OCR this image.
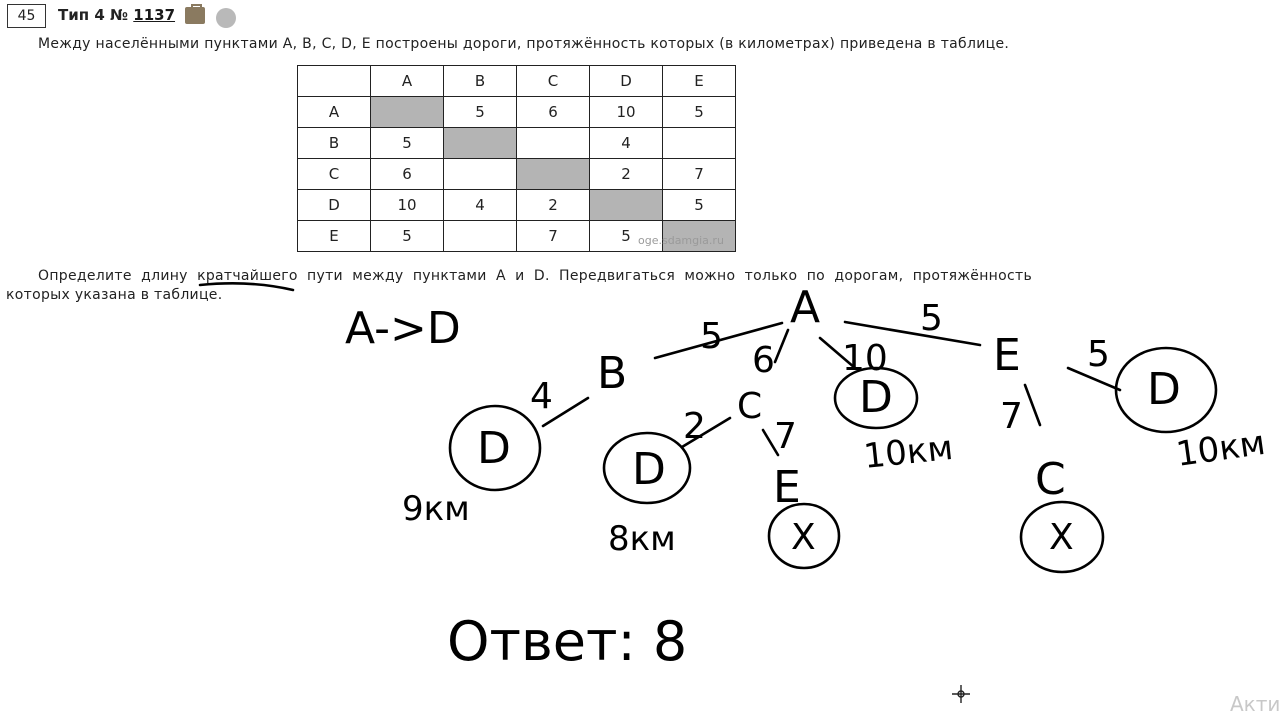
45	Тип 4 № 1137
Между населёнными пунктами A, B, C, D, E построены дороги, протяжённость которых (в километрах) приведена в таблице.
	A	B	C	D	E
A		5	6	10	5
B	5			4	
C	6			2	7
D	10	4	2		5
E	5		7	5	oge.sdamgia.ru
Определите длину кратчайшего пути между пунктами A и D. Передвигаться можно только по дорогам, протяжённость которых указана в таблице.
A->D	A
B	E
D	D
D	D
E	C
C
5	5
6 10
4
2 7
5
7
9км
8км
10км	10км
X	X
Ответ: 8
Акти
